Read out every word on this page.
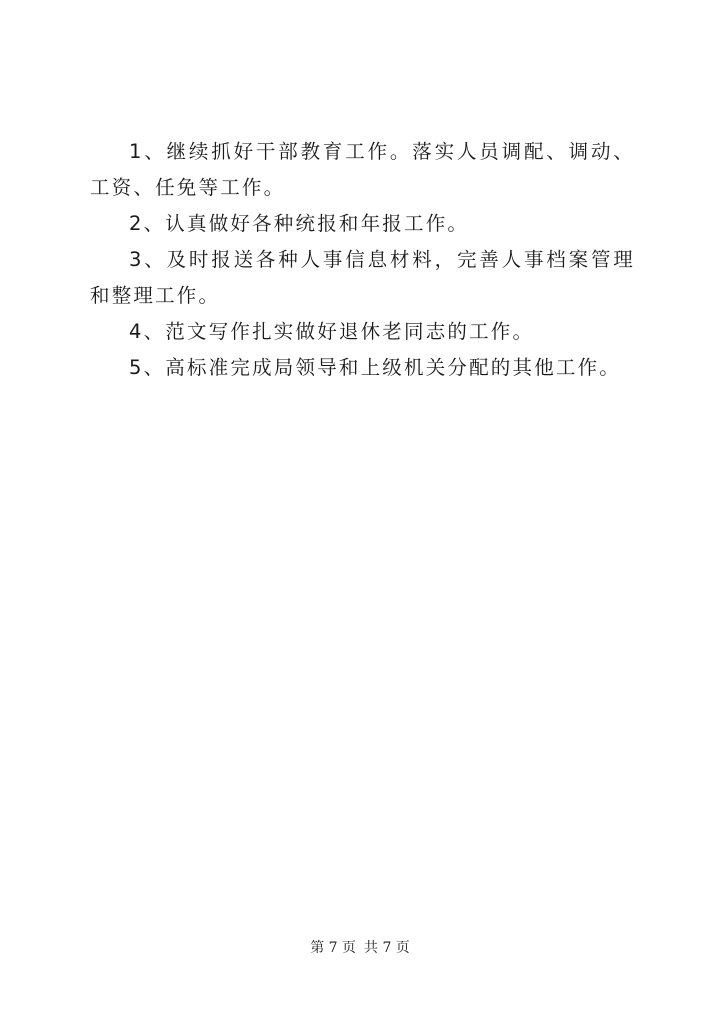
1、继续抓好干部教育工作。落实人员调配、调动、工资、任免等工作。

2、认真做好各种统报和年报工作。

3、及时报送各种人事信息材料，完善人事档案管理和整理工作。

4、范文写作扎实做好退休老同志的工作。

5、高标准完成局领导和上级机关分配的其他工作。

第 7 页 共 7 页
